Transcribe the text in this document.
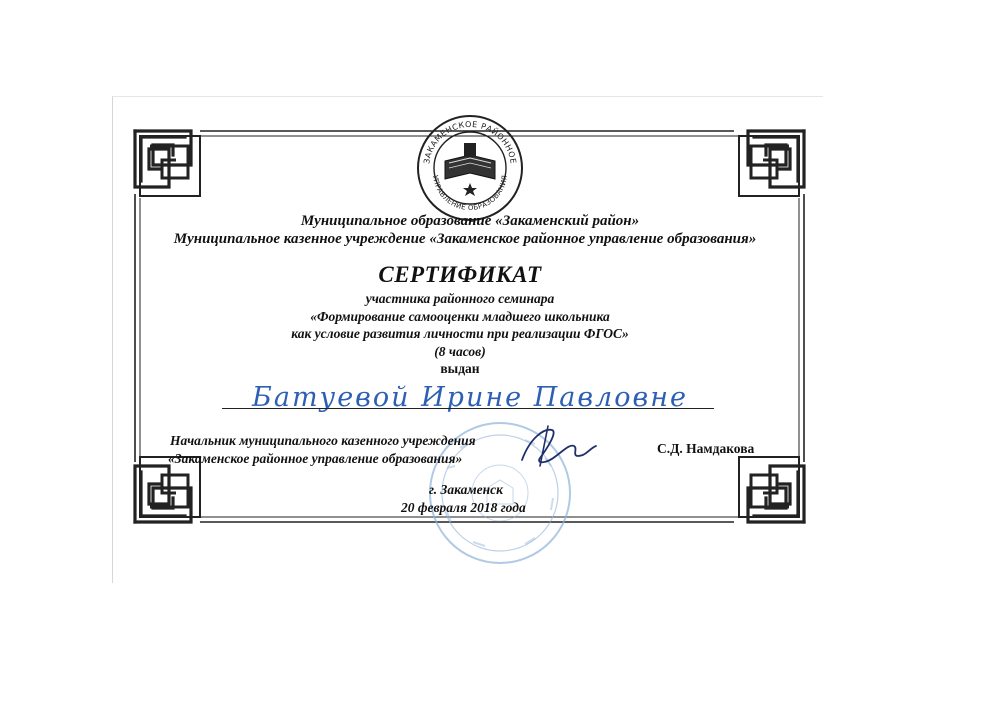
ЗАКАМЕНСКОЕ РАЙОННОЕ
УПРАВЛЕНИЕ ОБРАЗОВАНИЯ
Муниципальное образование «Закаменский район»
Муниципальное казенное учреждение «Закаменское районное управление образования»
СЕРТИФИКАТ
участника районного семинара
«Формирование самооценки младшего школьника
как условие развития личности при реализации ФГОС»
(8 часов)
выдан
Батуевой Ирине Павловне
Начальник муниципального казенного учреждения
«Закаменское районное управление образования»
С.Д. Намдакова
г. Закаменск
20 февраля 2018 года
